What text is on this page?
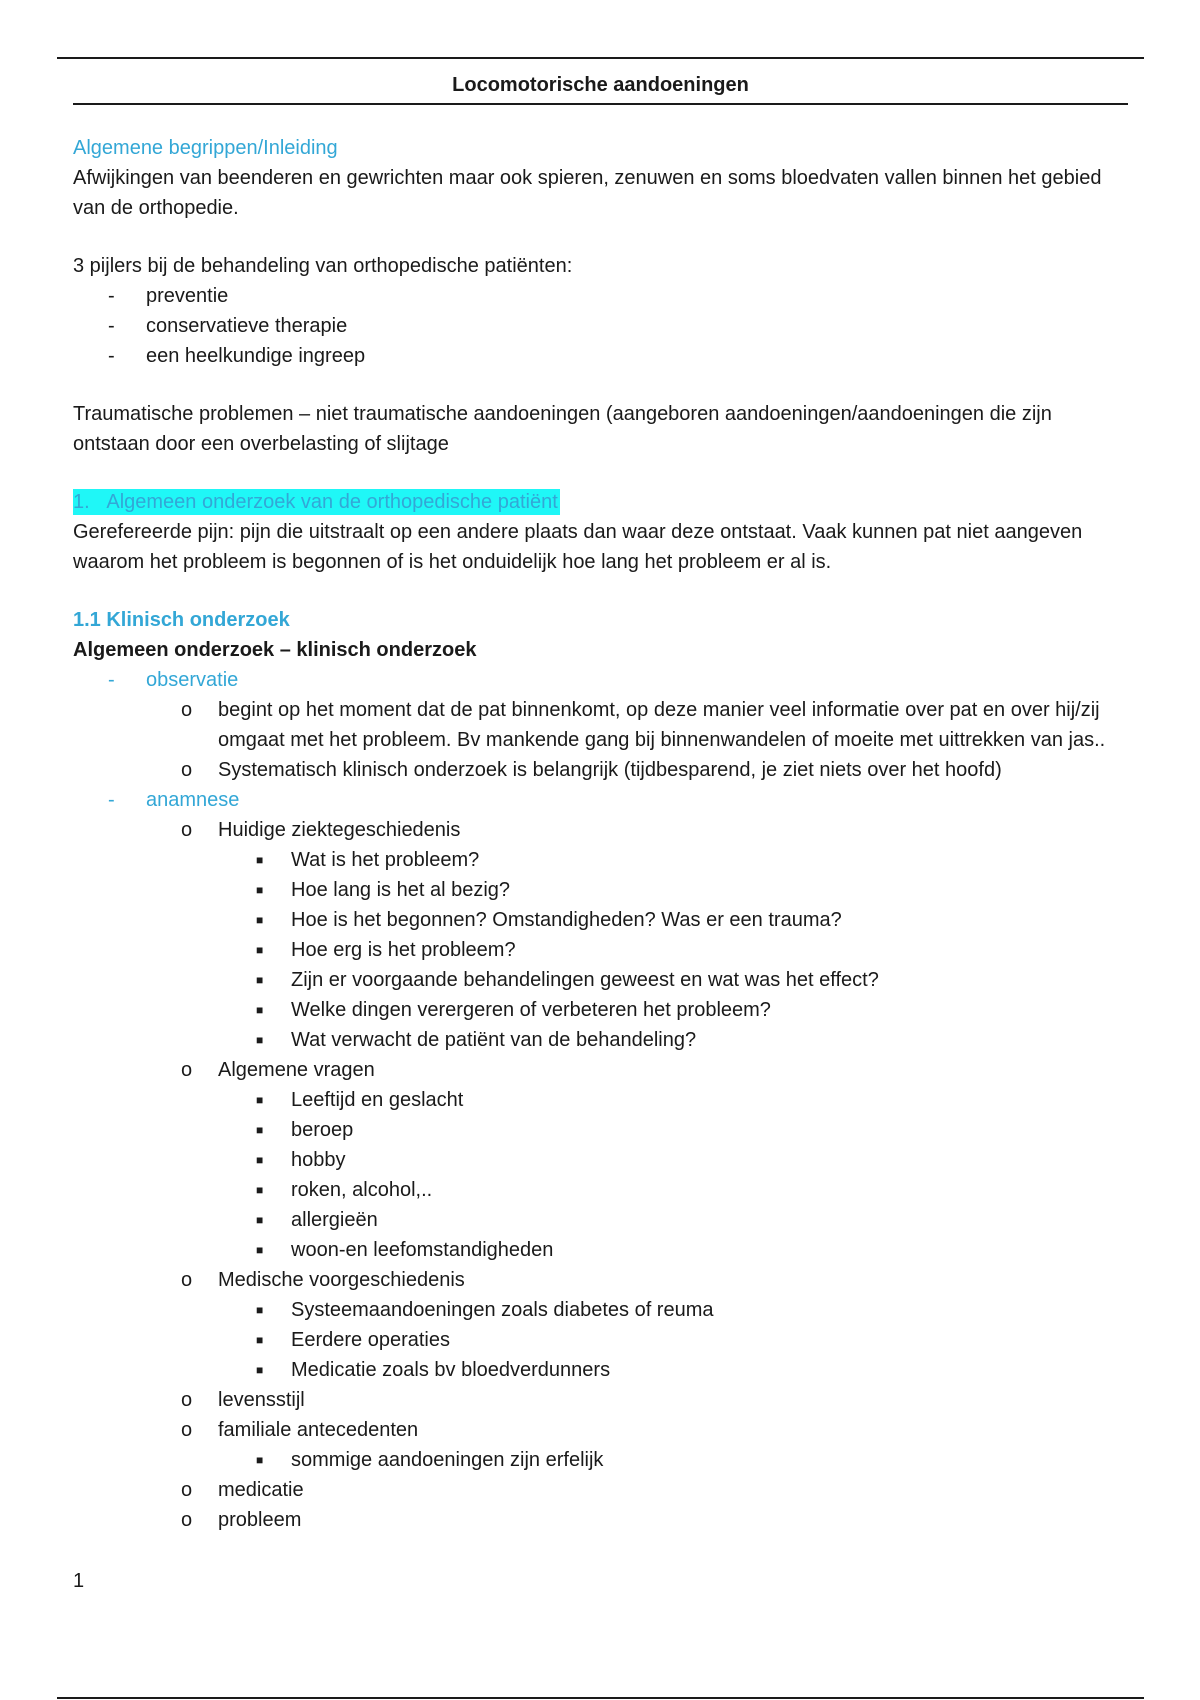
Locomotorische aandoeningen

Algemene begrippen/Inleiding

Afwijkingen van beenderen en gewrichten maar ook spieren, zenuwen en soms bloedvaten vallen binnen het gebied van de orthopedie.

3 pijlers bij de behandeling van orthopedische patiënten:

- preventie
- conservatieve therapie
- een heelkundige ingreep

Traumatische problemen – niet traumatische aandoeningen (aangeboren aandoeningen/aandoeningen die zijn ontstaan door een overbelasting of slijtage

1. Algemeen onderzoek van de orthopedische patiënt

Gerefereerde pijn: pijn die uitstraalt op een andere plaats dan waar deze ontstaat. Vaak kunnen pat niet aangeven waarom het probleem is begonnen of is het onduidelijk hoe lang het probleem er al is.

1.1 Klinisch onderzoek

Algemeen onderzoek – klinisch onderzoek

- observatie
o begint op het moment dat de pat binnenkomt, op deze manier veel informatie over pat en over hij/zij omgaat met het probleem. Bv mankende gang bij binnenwandelen of moeite met uittrekken van jas..
o Systematisch klinisch onderzoek is belangrijk (tijdbesparend, je ziet niets over het hoofd)
- anamnese
o Huidige ziektegeschiedenis
■ Wat is het probleem?
■ Hoe lang is het al bezig?
■ Hoe is het begonnen? Omstandigheden? Was er een trauma?
■ Hoe erg is het probleem?
■ Zijn er voorgaande behandelingen geweest en wat was het effect?
■ Welke dingen verergeren of verbeteren het probleem?
■ Wat verwacht de patiënt van de behandeling?
o Algemene vragen
■ Leeftijd en geslacht
■ beroep
■ hobby
■ roken, alcohol,..
■ allergieën
■ woon-en leefomstandigheden
o Medische voorgeschiedenis
■ Systeemaandoeningen zoals diabetes of reuma
■ Eerdere operaties
■ Medicatie zoals bv bloedverdunners
o levensstijl
o familiale antecedenten
■ sommige aandoeningen zijn erfelijk
o medicatie
o probleem
1
